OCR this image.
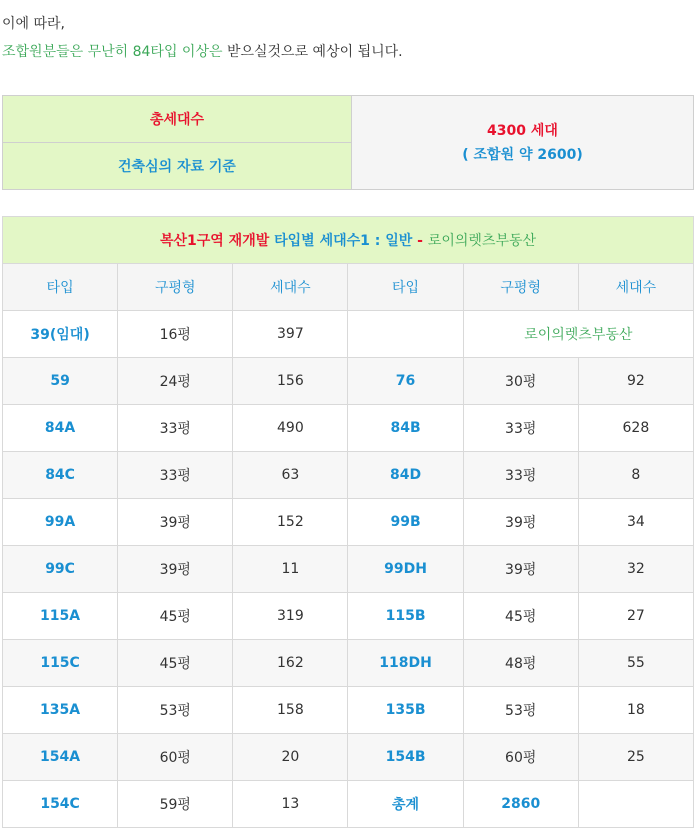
이에 따라,
조합원분들은 무난히 84타입 이상은 받으실것으로 예상이 됩니다.
총세대수	
4300 세대
( 조합원 약 2600)

건축심의 자료 기준
복산1구역 재개발 타입별 세대수1 : 일반 - 로이의렛츠부동산					
타입	구평형	세대수	타입	구평형	세대수
39(임대)	16평	397		로이의렛츠부동산	
59	24평	156	76	30평	92
84A	33평	490	84B	33평	628
84C	33평	63	84D	33평	8
99A	39평	152	99B	39평	34
99C	39평	11	99DH	39평	32
115A	45평	319	115B	45평	27
115C	45평	162	118DH	48평	55
135A	53평	158	135B	53평	18
154A	60평	20	154B	60평	25
154C	59평	13	총계	2860	
